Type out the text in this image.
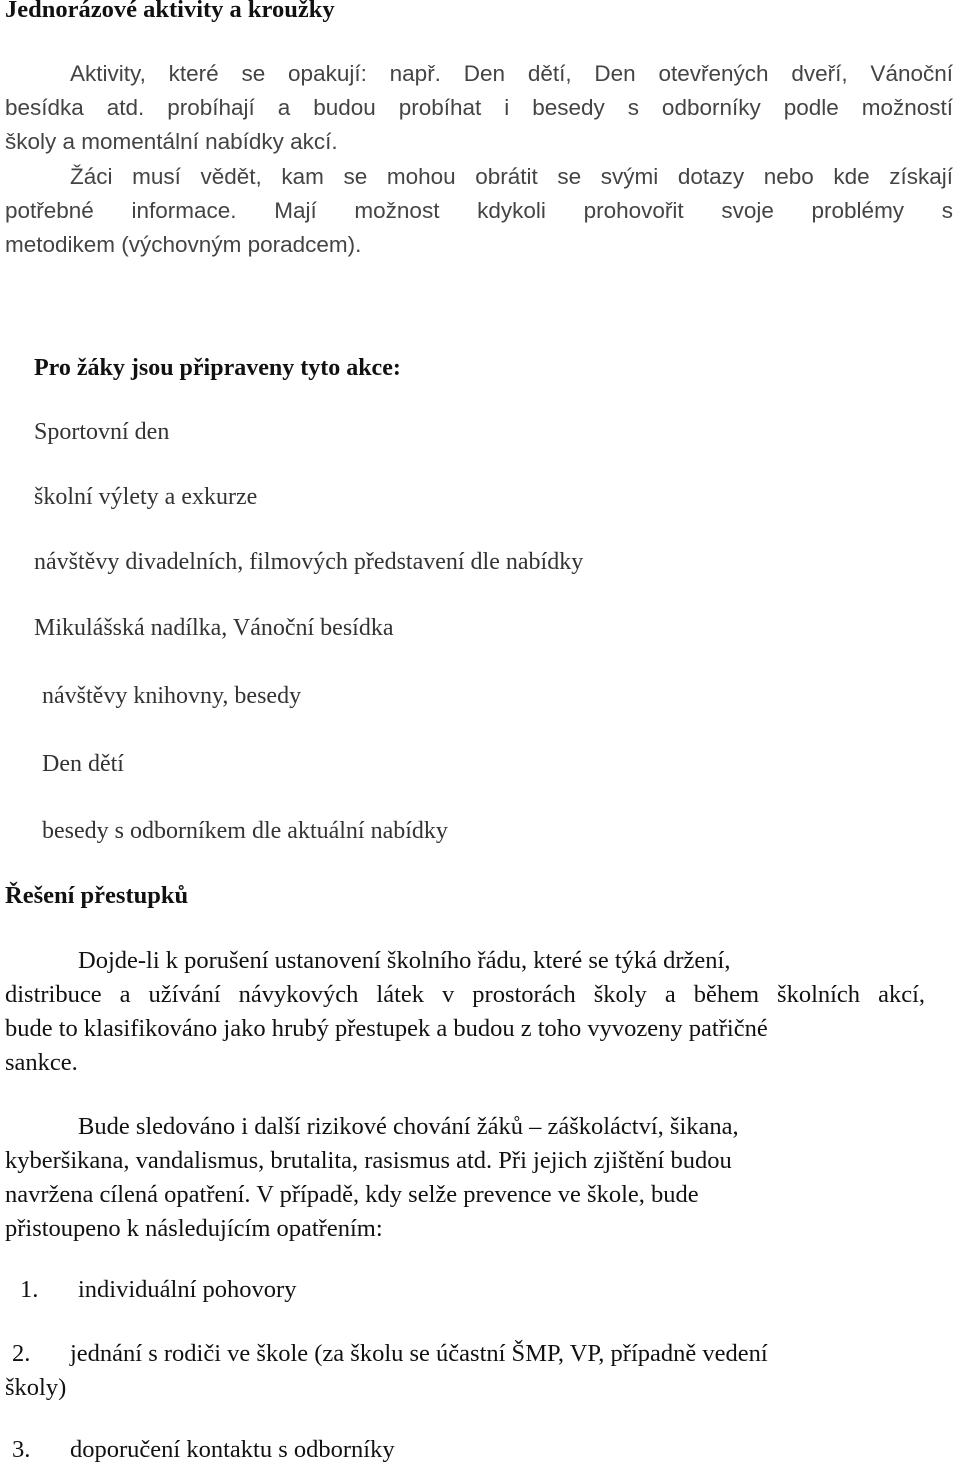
Jednorázové aktivity a kroužky
Aktivity, které se opakují: např. Den dětí, Den otevřených dveří, Vánoční
besídka atd. probíhají a budou probíhat i besedy s odborníky podle možností
školy a momentální nabídky akcí.
Žáci musí vědět, kam se mohou obrátit se svými dotazy nebo kde získají
potřebné informace. Mají možnost kdykoli prohovořit svoje problémy s
metodikem (výchovným poradcem).
Pro žáky jsou připraveny tyto akce:
Sportovní den
školní výlety a exkurze
návštěvy divadelních, filmových představení dle nabídky
Mikulášská nadílka, Vánoční besídka
návštěvy knihovny, besedy
Den dětí
besedy s odborníkem dle aktuální nabídky
Řešení přestupků
Dojde-li k porušení ustanovení školního řádu, které se týká držení,
distribuce a užívání návykových látek v prostorách školy a během školních akcí,
bude to klasifikováno jako hrubý přestupek a budou z toho vyvozeny patřičné
sankce.
Bude sledováno i další rizikové chování žáků – záškoláctví, šikana,
kyberšikana, vandalismus, brutalita, rasismus atd. Při jejich zjištění budou
navržena cílená opatření. V případě, kdy selže prevence ve škole, bude
přistoupeno k následujícím opatřením:
1. individuální pohovory
2. jednání s rodiči ve škole (za školu se účastní ŠMP, VP, případně vedení
školy)
3. doporučení kontaktu s odborníky
